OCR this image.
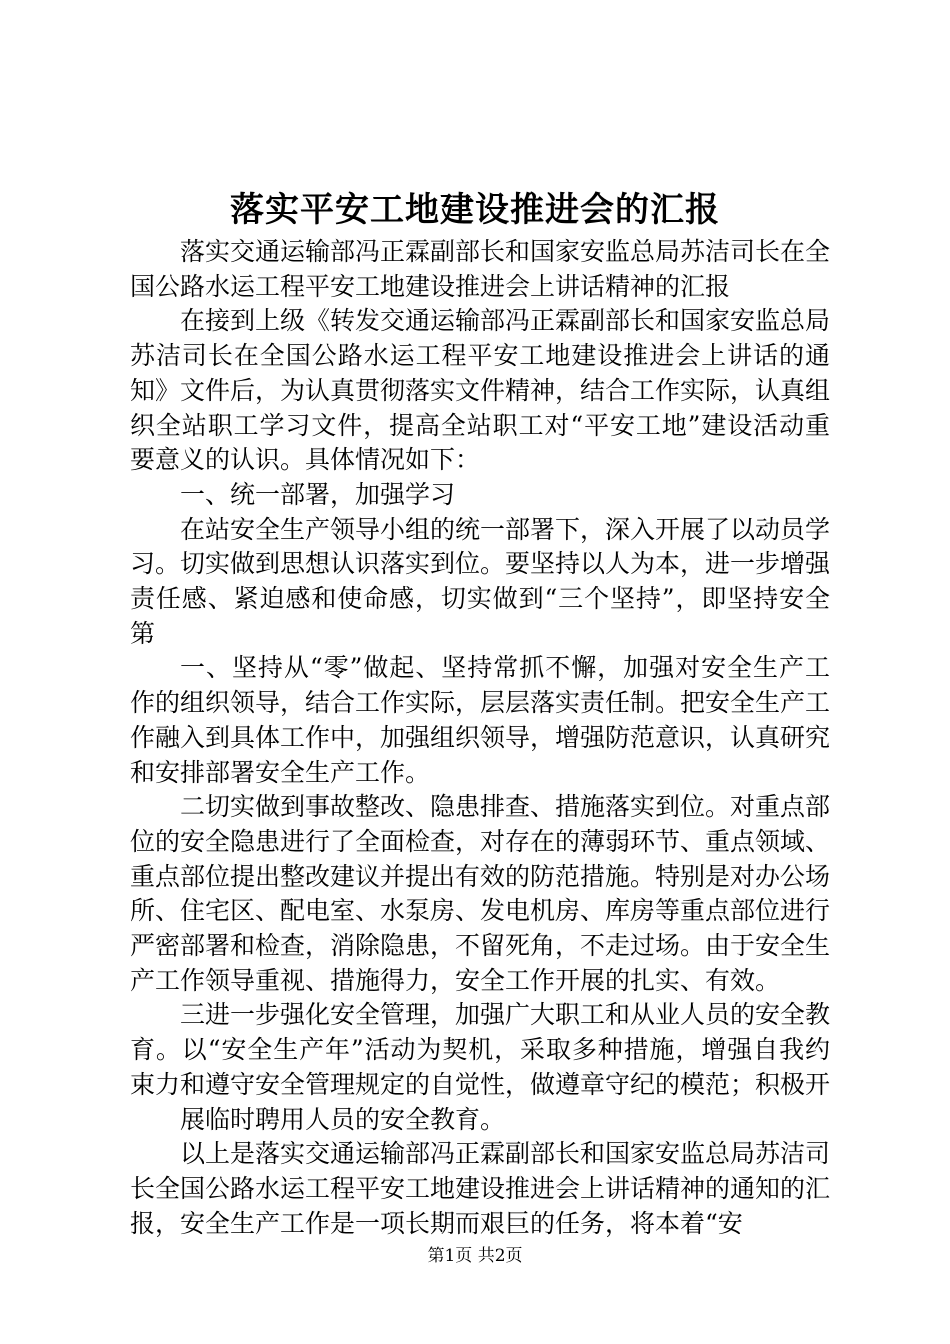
落实平安工地建设推进会的汇报

落实交通运输部冯正霖副部长和国家安监总局苏洁司长在全国公路水运工程平安工地建设推进会上讲话精神的汇报

在接到上级《转发交通运输部冯正霖副部长和国家安监总局苏洁司长在全国公路水运工程平安工地建设推进会上讲话的通知》文件后，为认真贯彻落实文件精神，结合工作实际，认真组织全站职工学习文件，提高全站职工对“平安工地”建设活动重要意义的认识。具体情况如下：

一、统一部署，加强学习

在站安全生产领导小组的统一部署下，深入开展了以动员学习。切实做到思想认识落实到位。要坚持以人为本，进一步增强责任感、紧迫感和使命感，切实做到“三个坚持”，即坚持安全第

一、坚持从“零”做起、坚持常抓不懈，加强对安全生产工作的组织领导，结合工作实际，层层落实责任制。把安全生产工作融入到具体工作中，加强组织领导，增强防范意识，认真研究和安排部署安全生产工作。

二切实做到事故整改、隐患排查、措施落实到位。对重点部位的安全隐患进行了全面检查，对存在的薄弱环节、重点领域、重点部位提出整改建议并提出有效的防范措施。特别是对办公场所、住宅区、配电室、水泵房、发电机房、库房等重点部位进行严密部署和检查，消除隐患，不留死角，不走过场。由于安全生产工作领导重视、措施得力，安全工作开展的扎实、有效。

三进一步强化安全管理，加强广大职工和从业人员的安全教育。以“安全生产年”活动为契机，采取多种措施，增强自我约束力和遵守安全管理规定的自觉性，做遵章守纪的模范；积极开

展临时聘用人员的安全教育。

以上是落实交通运输部冯正霖副部长和国家安监总局苏洁司长全国公路水运工程平安工地建设推进会上讲话精神的通知的汇报，安全生产工作是一项长期而艰巨的任务，将本着“安

第1页 共2页
